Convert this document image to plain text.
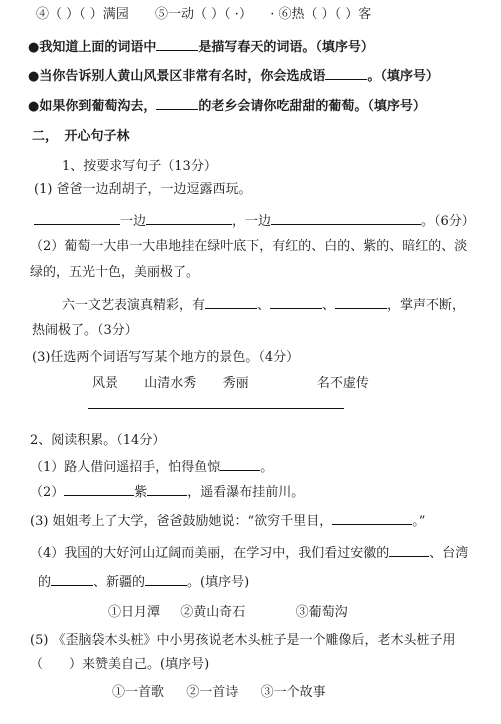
④（ ）（ ）满园 ⑤一动（ ）（ ·） · ⑥热（ ）（ ）客
●我知道上面的词语中	是描写春天的词语。（填序号）
●当你告诉别人黄山风景区非常有名时，你会选成语	。（填序号）
●如果你到葡萄沟去，	的老乡会请你吃甜甜的葡萄。（填序号）
二，　开心句子林
1、按要求写句子（13分）
(1) 爸爸一边刮胡子，一边逗露西玩。
一边	，一边	。（6分）
（2）葡萄一大串一大串地挂在绿叶底下，有红的、白的、紫的、暗红的、淡
绿的，五光十色，美丽极了。
六一文艺表演真精彩，有	、	、	，掌声不断，
热闹极了。（3分）
(3)任选两个词语写写某个地方的景色。（4分）
风景 山清水秀 秀丽	名不虚传
2、阅读积累。（14分）
（1）路人借问遥招手，怕得鱼惊	。
（2）	紫	，遥看瀑布挂前川。
(3) 姐姐考上了大学，爸爸鼓励她说：“欲穷千里目，	。”
（4）我国的大好河山辽阔而美丽，在学习中，我们看过安徽的	、台湾
的	、新疆的	。(填序号)
①日月潭 ②黄山奇石	③葡萄沟
(5) 《歪脑袋木头桩》中小男孩说老木头桩子是一个雕像后，老木头桩子用
（　　）来赞美自己。(填序号)
①一首歌 ②一首诗 ③一个故事
